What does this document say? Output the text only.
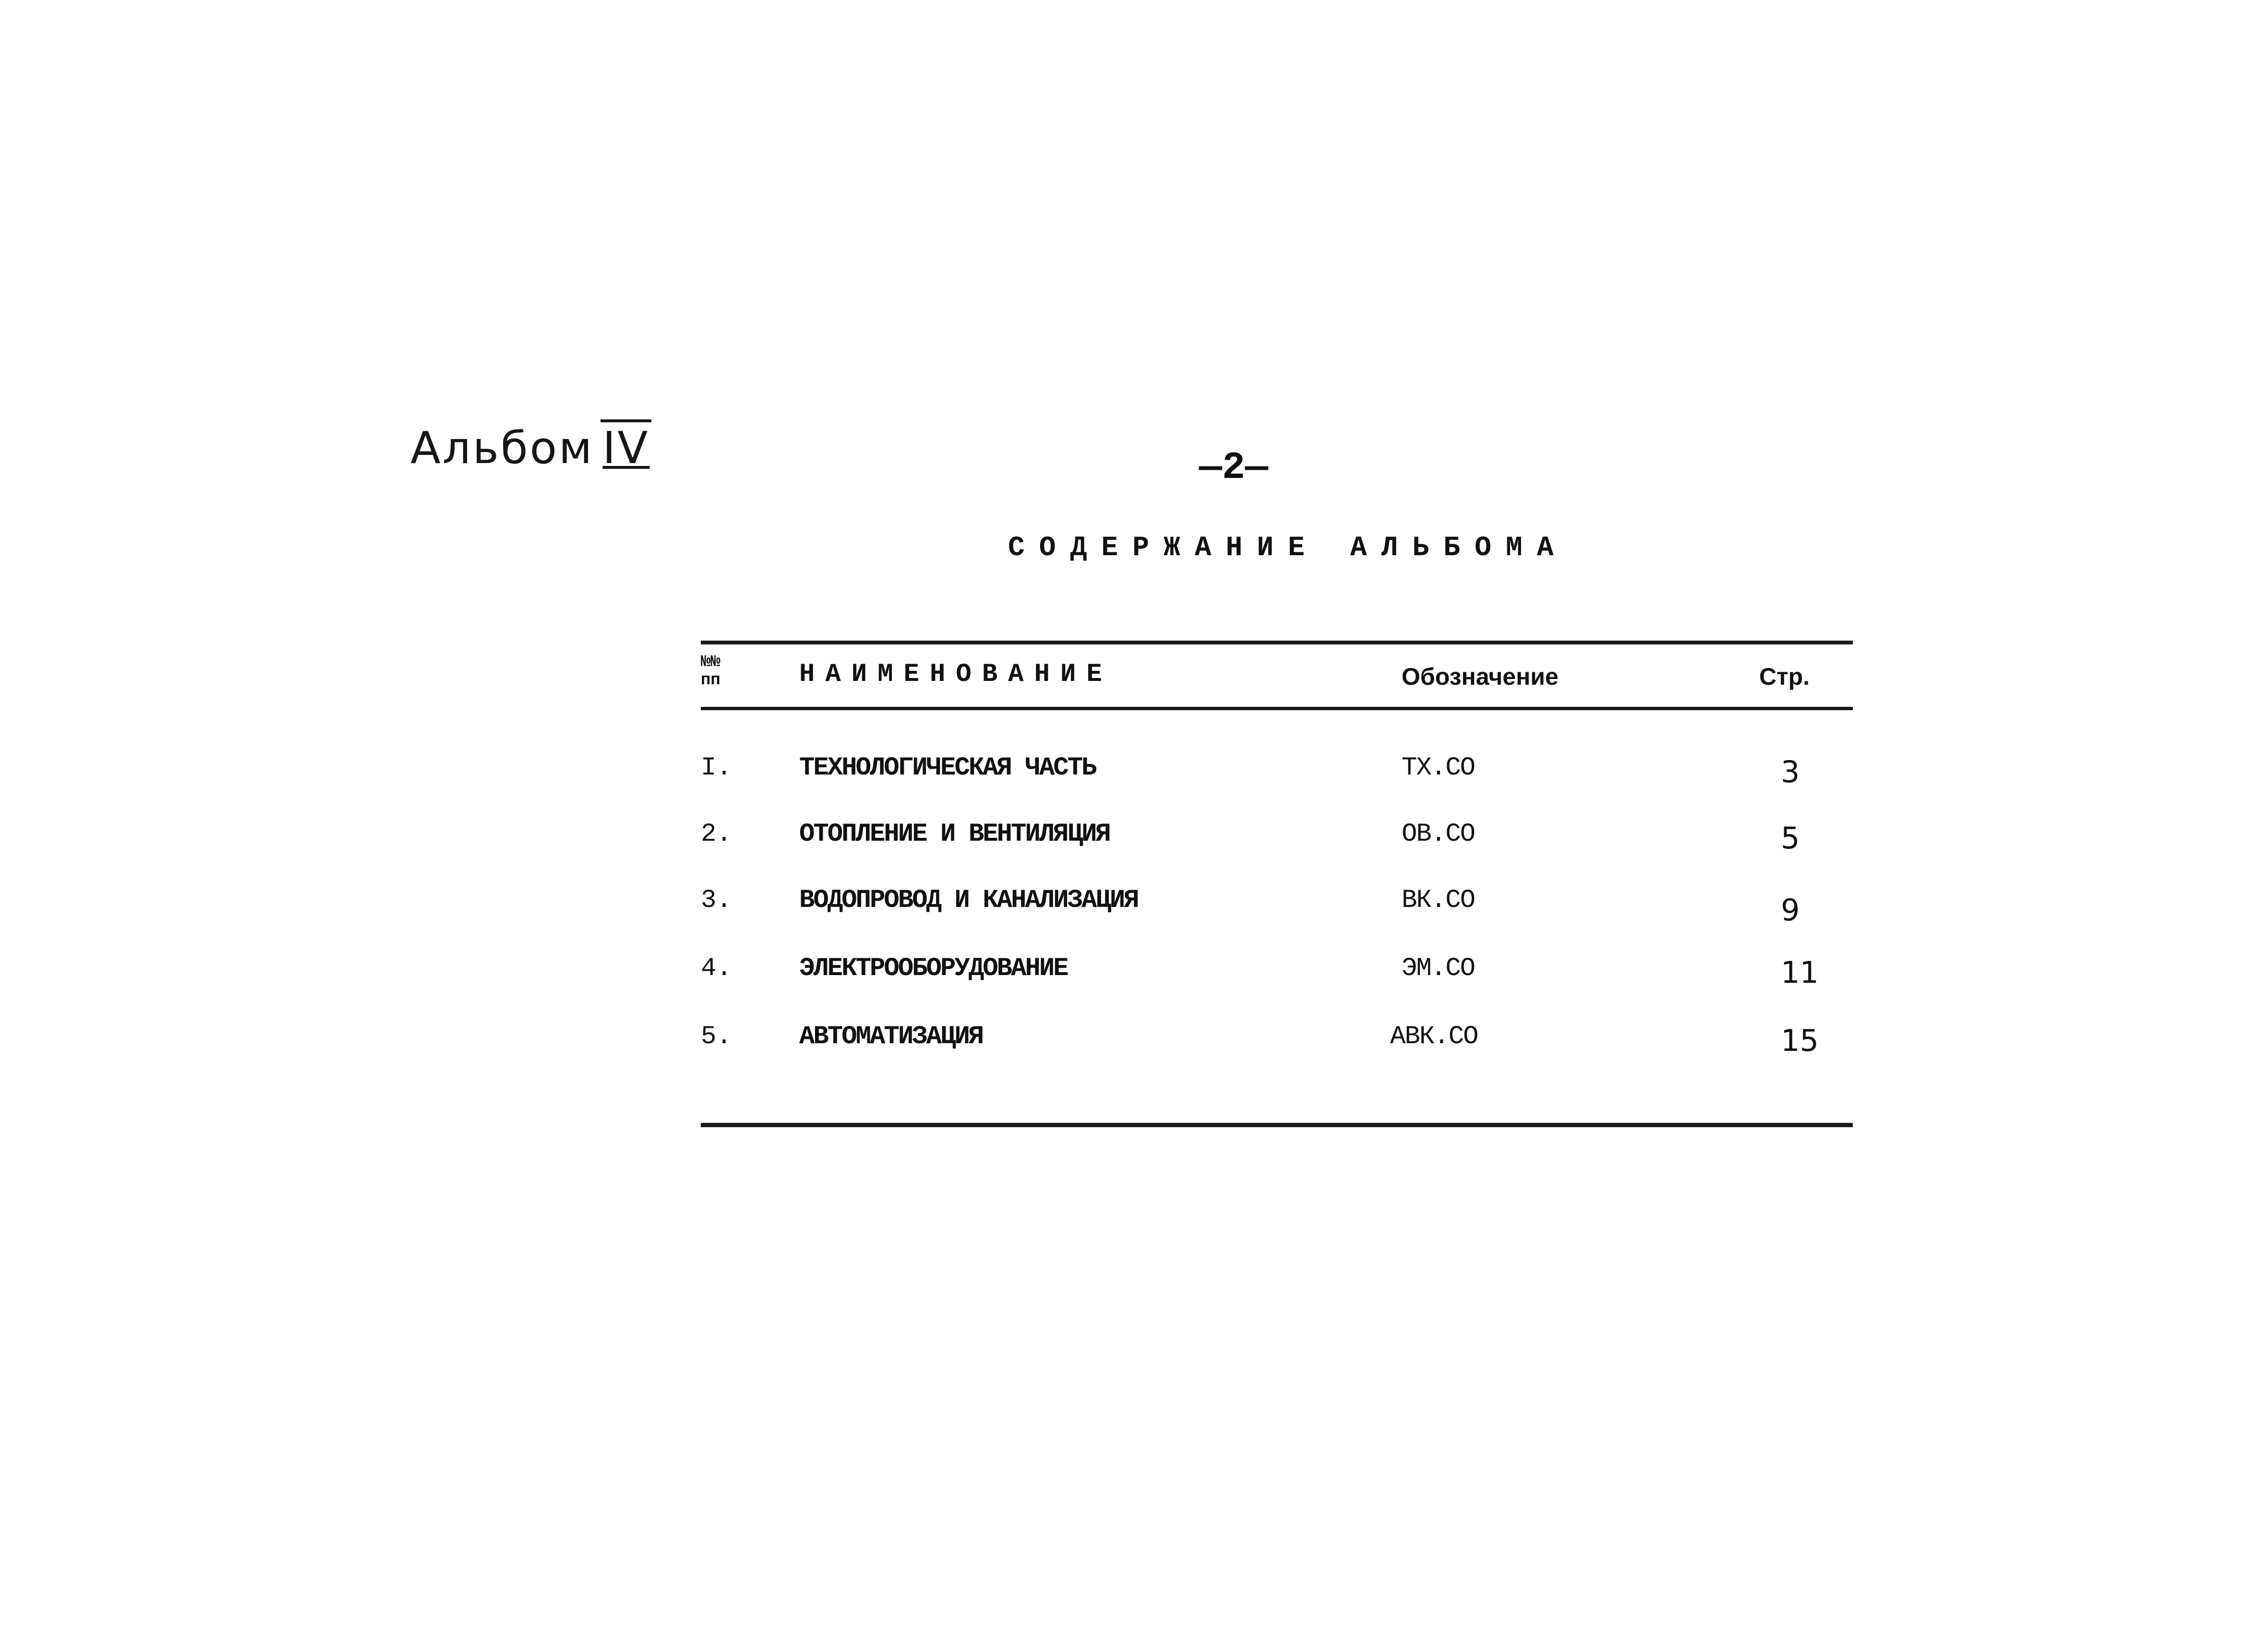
Альбом IV	—2—
СОДЕРЖАНИЕ АЛЬБОМА
№№
пп	НАИМЕНОВАНИЕ	Обозначение	Стр.
I.	ТЕХНОЛОГИЧЕСКАЯ ЧАСТЬ	ТХ.СО	3
2.	ОТОПЛЕНИЕ И ВЕНТИЛЯЦИЯ	ОВ.СО	5
3.	ВОДОПРОВОД И КАНАЛИЗАЦИЯ	ВК.СО	9
4.	ЭЛЕКТРООБОРУДОВАНИЕ	ЭМ.СО	11
5.	АВТОМАТИЗАЦИЯ	АВК.СО	15
